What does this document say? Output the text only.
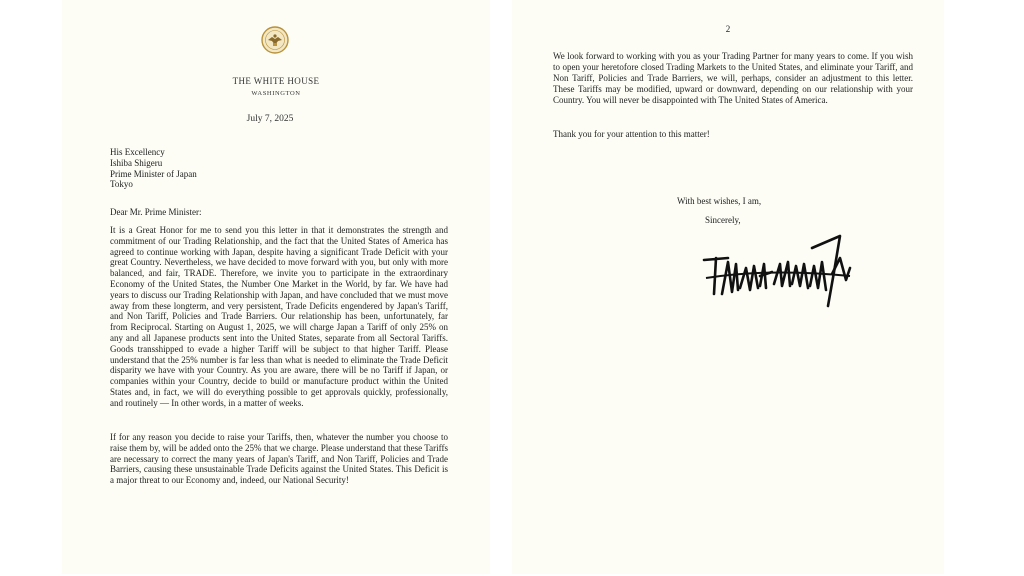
THE WHITE HOUSE
WASHINGTON
July 7, 2025
His Excellency
Ishiba Shigeru
Prime Minister of Japan
Tokyo
Dear Mr. Prime Minister:
It is a Great Honor for me to send you this letter in that it demonstrates the strength and commitment of our Trading Relationship, and the fact that the United States of America has agreed to continue working with Japan, despite having a significant Trade Deficit with your great Country. Nevertheless, we have decided to move forward with you, but only with more balanced, and fair, TRADE. Therefore, we invite you to participate in the extraordinary Economy of the United States, the Number One Market in the World, by far. We have had years to discuss our Trading Relationship with Japan, and have concluded that we must move away from these longterm, and very persistent, Trade Deficits engendered by Japan's Tariff, and Non Tariff, Policies and Trade Barriers. Our relationship has been, unfortunately, far from Reciprocal. Starting on August 1, 2025, we will charge Japan a Tariff of only 25% on any and all Japanese products sent into the United States, separate from all Sectoral Tariffs. Goods transshipped to evade a higher Tariff will be subject to that higher Tariff. Please understand that the 25% number is far less than what is needed to eliminate the Trade Deficit disparity we have with your Country. As you are aware, there will be no Tariff if Japan, or companies within your Country, decide to build or manufacture product within the United States and, in fact, we will do everything possible to get approvals quickly, professionally, and routinely — In other words, in a matter of weeks.
If for any reason you decide to raise your Tariffs, then, whatever the number you choose to raise them by, will be added onto the 25% that we charge. Please understand that these Tariffs are necessary to correct the many years of Japan's Tariff, and Non Tariff, Policies and Trade Barriers, causing these unsustainable Trade Deficits against the United States. This Deficit is a major threat to our Economy and, indeed, our National Security!
2
We look forward to working with you as your Trading Partner for many years to come. If you wish to open your heretofore closed Trading Markets to the United States, and eliminate your Tariff, and Non Tariff, Policies and Trade Barriers, we will, perhaps, consider an adjustment to this letter. These Tariffs may be modified, upward or downward, depending on our relationship with your Country. You will never be disappointed with The United States of America.
Thank you for your attention to this matter!
With best wishes, I am,
Sincerely,
